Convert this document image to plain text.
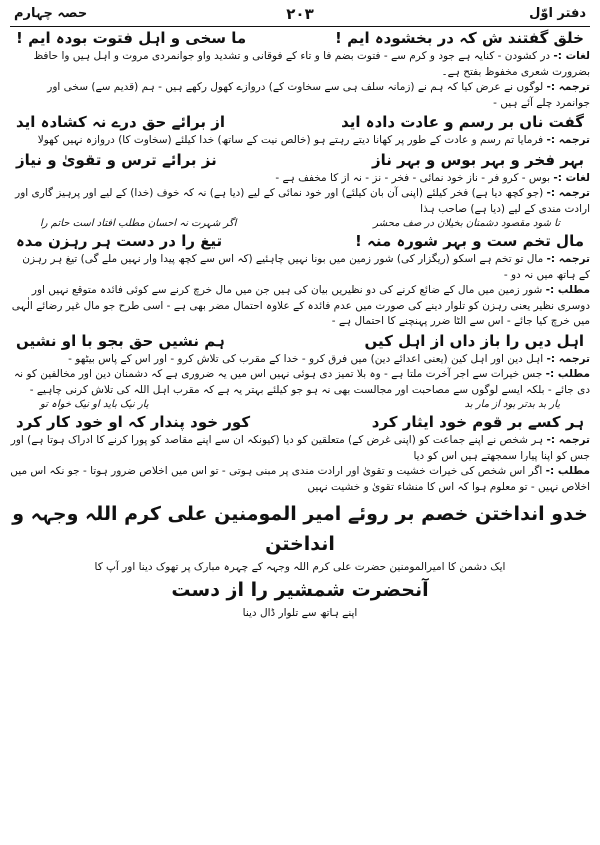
دفتر اوّل
۲۰۳
حصہ چہارم
خلق گفتند ش کہ در بخشودہ ایم !
ما سخی و اہل فتوت بودہ ایم !
لغات :- در کشودن - کنایہ ہے جود و کرم سے - فتوت بضم فا و تاء کے فوقانی و تشدید واو جوانمردی مروت و اہل ہیں وا حافظ بضرورت شعری مخفوظ بفتح ہے۔
ترجمہ :- لوگوں نے عرض کیا کہ ہم نے (زمانہ سلف ہی سے سخاوت کے) دروازے کھول رکھے ہیں - ہم (قدیم سے) سخی اور جوانمرد چلے آئے ہیں -
گفت ناں بر رسم و عادت دادہ اید
از برائے حق درے نہ کشادہ اید
ترجمہ :- فرمایا تم رسم و عادت کے طور پر کھانا دیتے رہتے ہو (خالص نیت کے ساتھ) خدا کیلئے (سخاوت کا) دروازہ نہیں کھولا
بہر فخر و بہر بوس و بہر ناز
نز برائے ترس و تقویٰ و نیاز
لغات :- بوس - کرو فر - ناز خود نمائی - فخر - نز - نہ از کا مخفف ہے -
ترجمہ :- (جو کچھ دیا ہے) فخر کیلئے (اپنی آن بان کیلئے) اور خود نمائی کے لیے (دیا ہے) نہ کہ خوف (خدا) کے لیے اور پرہیز گاری اور ارادت مندی کے لیے (دیا ہے) صاحب ہذا
تا شود مقصود دشمنان بخیلان در صف محشر
اگر شہرت نہ احسان مطلب افتاد است حاتم را
مال تخم ست و بہر شورہ منہ !
تیغ را در دست ہر رہزن مدہ
ترجمہ :- مال تو تخم ہے اسکو (ریگزار کی) شور زمین میں بونا نہیں چاہئیے (کہ اس سے کچھ پیدا وار نہیں ملے گی) تیغ ہر رہزن کے ہاتھ میں نہ دو -
مطلب :- شور زمین میں مال کے ضائع کرنے کی دو نظیریں بیان کی ہیں جن میں مال خرچ کرنے سے کوئی فائدہ متوقع نہیں اور دوسری نظیر یعنی رہزن کو تلوار دینے کی صورت میں عدم فائدہ کے علاوہ احتمال مضر بھی ہے - اسی طرح جو مال غیر رضائے الٰہی میں خرچ کیا جائے - اس سے الٹا ضرر پہنچنے کا احتمال ہے -
اہل دیں را باز داں از اہل کیں
ہم نشیں حق بجو با او نشیں
ترجمہ :- اہل دین اور اہل کین (یعنی اعدائے دین) میں فرق کرو - خدا کے مقرب کی تلاش کرو - اور اس کے پاس بیٹھو -
مطلب :- جس خیرات سے اجر آخرت ملتا ہے - وہ بلا تمیز دی ہوئی نہیں اس میں یہ ضروری ہے کہ دشمنان دین اور مخالفین کو نہ دی جائے - بلکہ ایسے لوگوں سے مصاحبت اور مجالست بھی نہ ہو جو کیلئے بہتر یہ ہے کہ مقرب اہل اللہ کی تلاش کرنی چاہیے -
یار بد بدتر بود از مار بد
یار نیک باید او نیک خواہ تو
ہر کسے بر قوم خود ایثار کرد
کور خود پندار کہ او خود کار کرد
ترجمہ :- ہر شخص نے اپنے جماعت کو (اپنی غرض کے) متعلقین کو دیا (کیونکہ ان سے اپنے مقاصد کو پورا کرنے کا ادراک ہوتا ہے) اور جس کو اپنا پیارا سمجھتے ہیں اس کو دیا
مطلب :- اگر اس شخص کی خیرات خشیت و تقویٰ اور ارادت مندی پر مبنی ہوتی - تو اس میں اخلاص ضرور ہوتا - جو نکہ اس میں اخلاص نہیں - تو معلوم ہوا کہ اس کا منشاء تقویٰ و خشیت نہیں
خدو انداختن خصم بر روئے امیر المومنین علی کرم اللہ وجہہ و انداختن
ایک دشمن کا امیرالمومنین حضرت علی کرم اللہ وجہہ کے چہرہ مبارک پر تھوک دینا اور آپ کا
آنحضرت شمشیر را از دست
اپنے ہاتھ سے تلوار ڈال دینا
